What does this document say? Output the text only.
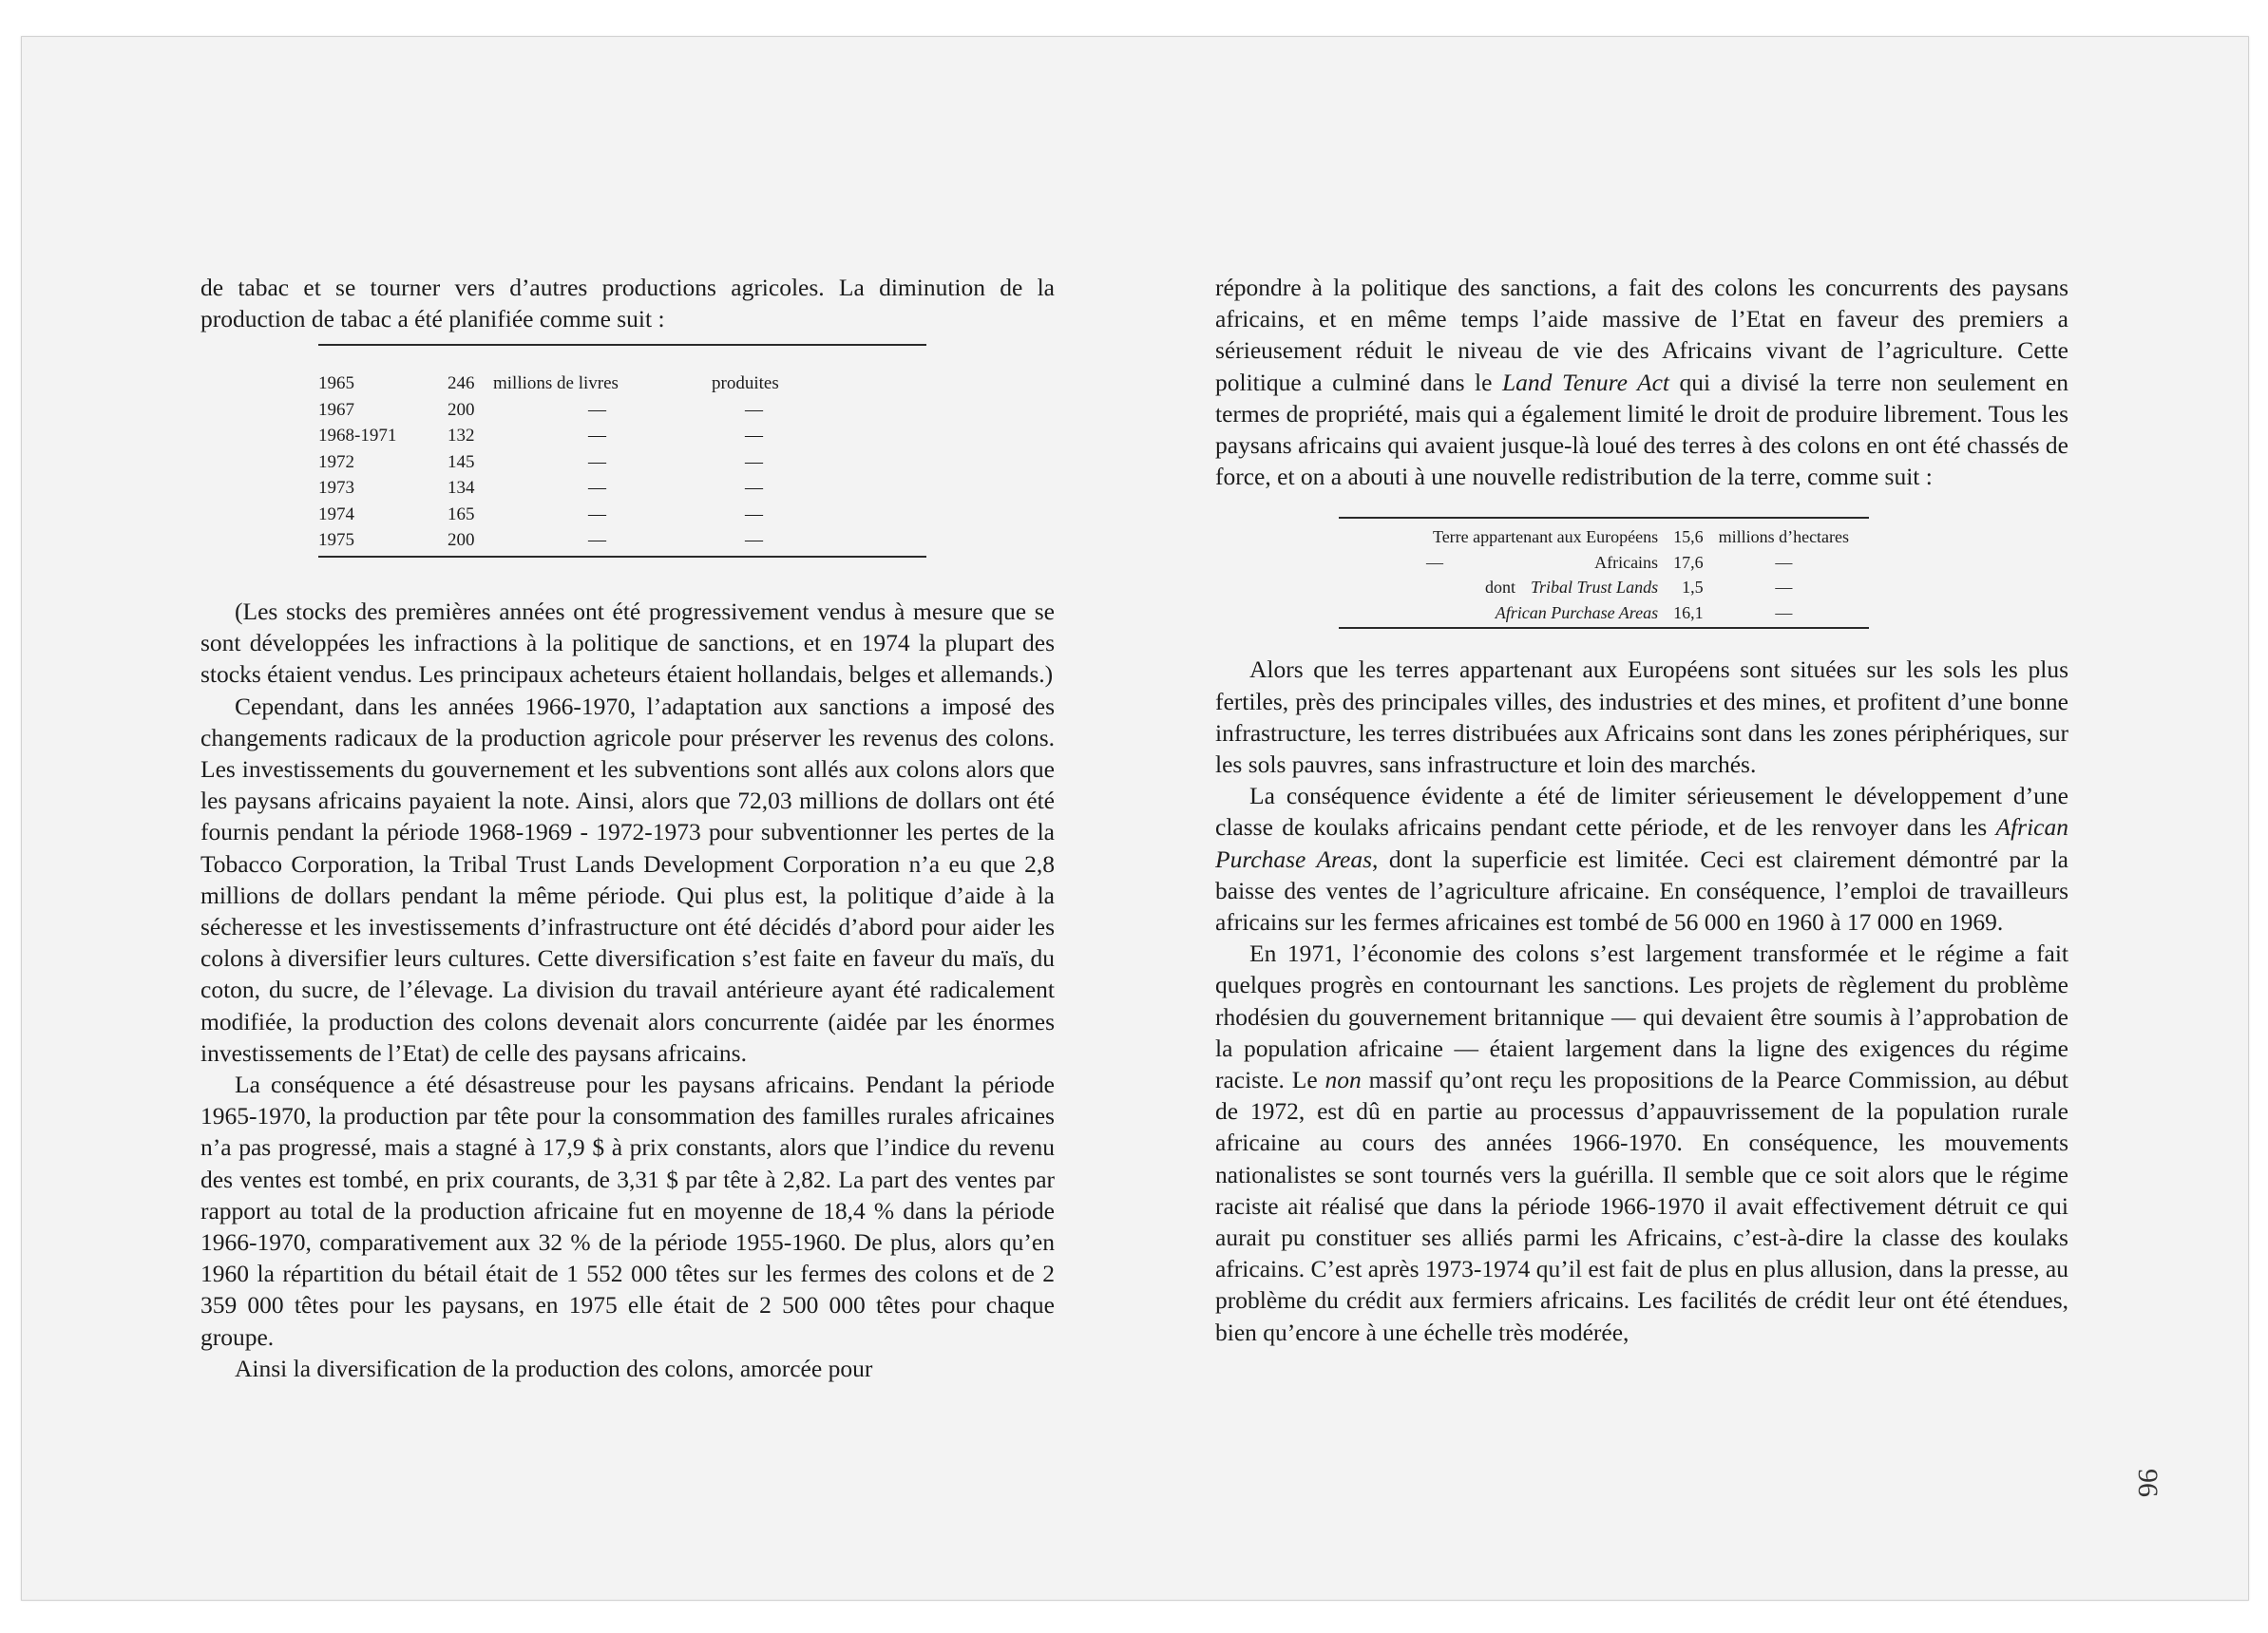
de tabac et se tourner vers d’autres productions agricoles. La diminution de la production de tabac a été planifiée comme suit :

1965	246	millions de livres	produites
1967	200	—	—
1968-1971	132	—	—
1972	145	—	—
1973	134	—	—
1974	165	—	—
1975	200	—	—

(Les stocks des premières années ont été progressivement vendus à mesure que se sont développées les infractions à la politique de sanctions, et en 1974 la plupart des stocks étaient vendus. Les principaux acheteurs étaient hollandais, belges et allemands.)

Cependant, dans les années 1966-1970, l’adaptation aux sanctions a imposé des changements radicaux de la production agricole pour préserver les revenus des colons. Les investissements du gouvernement et les subventions sont allés aux colons alors que les paysans africains payaient la note. Ainsi, alors que 72,03 millions de dollars ont été fournis pendant la période 1968-1969 - 1972-1973 pour subventionner les pertes de la Tobacco Corporation, la Tribal Trust Lands Development Corporation n’a eu que 2,8 millions de dollars pendant la même période. Qui plus est, la politique d’aide à la sécheresse et les investissements d’infrastructure ont été décidés d’abord pour aider les colons à diversifier leurs cultures. Cette diversification s’est faite en faveur du maïs, du coton, du sucre, de l’élevage. La division du travail antérieure ayant été radicalement modifiée, la production des colons devenait alors concurrente (aidée par les énormes investissements de l’Etat) de celle des paysans africains.

La conséquence a été désastreuse pour les paysans africains. Pendant la période 1965-1970, la production par tête pour la consommation des familles rurales africaines n’a pas progressé, mais a stagné à 17,9 $ à prix constants, alors que l’indice du revenu des ventes est tombé, en prix courants, de 3,31 $ par tête à 2,82. La part des ventes par rapport au total de la production africaine fut en moyenne de 18,4 % dans la période 1966-1970, comparativement aux 32 % de la période 1955-1960. De plus, alors qu’en 1960 la répartition du bétail était de 1 552 000 têtes sur les fermes des colons et de 2 359 000 têtes pour les paysans, en 1975 elle était de 2 500 000 têtes pour chaque groupe.

Ainsi la diversification de la production des colons, amorcée pour

répondre à la politique des sanctions, a fait des colons les concurrents des paysans africains, et en même temps l’aide massive de l’Etat en faveur des premiers a sérieusement réduit le niveau de vie des Africains vivant de l’agriculture. Cette politique a culminé dans le Land Tenure Act qui a divisé la terre non seulement en termes de propriété, mais qui a également limité le droit de produire librement. Tous les paysans africains qui avaient jusque-là loué des terres à des colons en ont été chassés de force, et on a abouti à une nouvelle redistribution de la terre, comme suit :

Terre appartenant aux Européens		15,6	millions d’hectares
—	Africains	17,6	—
dont	Tribal Trust Lands	1,5	—
African Purchase Areas		16,1	—

Alors que les terres appartenant aux Européens sont situées sur les sols les plus fertiles, près des principales villes, des industries et des mines, et profitent d’une bonne infrastructure, les terres distribuées aux Africains sont dans les zones périphériques, sur les sols pauvres, sans infrastructure et loin des marchés.

La conséquence évidente a été de limiter sérieusement le développement d’une classe de koulaks africains pendant cette période, et de les renvoyer dans les African Purchase Areas, dont la superficie est limitée. Ceci est clairement démontré par la baisse des ventes de l’agriculture africaine. En conséquence, l’emploi de travailleurs africains sur les fermes africaines est tombé de 56 000 en 1960 à 17 000 en 1969.

En 1971, l’économie des colons s’est largement transformée et le régime a fait quelques progrès en contournant les sanctions. Les projets de règlement du problème rhodésien du gouvernement britannique — qui devaient être soumis à l’approbation de la population africaine — étaient largement dans la ligne des exigences du régime raciste. Le non massif qu’ont reçu les propositions de la Pearce Commission, au début de 1972, est dû en partie au processus d’appauvrissement de la population rurale africaine au cours des années 1966-1970. En conséquence, les mouvements nationalistes se sont tournés vers la guérilla. Il semble que ce soit alors que le régime raciste ait réalisé que dans la période 1966-1970 il avait effectivement détruit ce qui aurait pu constituer ses alliés parmi les Africains, c’est-à-dire la classe des koulaks africains. C’est après 1973-1974 qu’il est fait de plus en plus allusion, dans la presse, au problème du crédit aux fermiers africains. Les facilités de crédit leur ont été étendues, bien qu’encore à une échelle très modérée,

96
